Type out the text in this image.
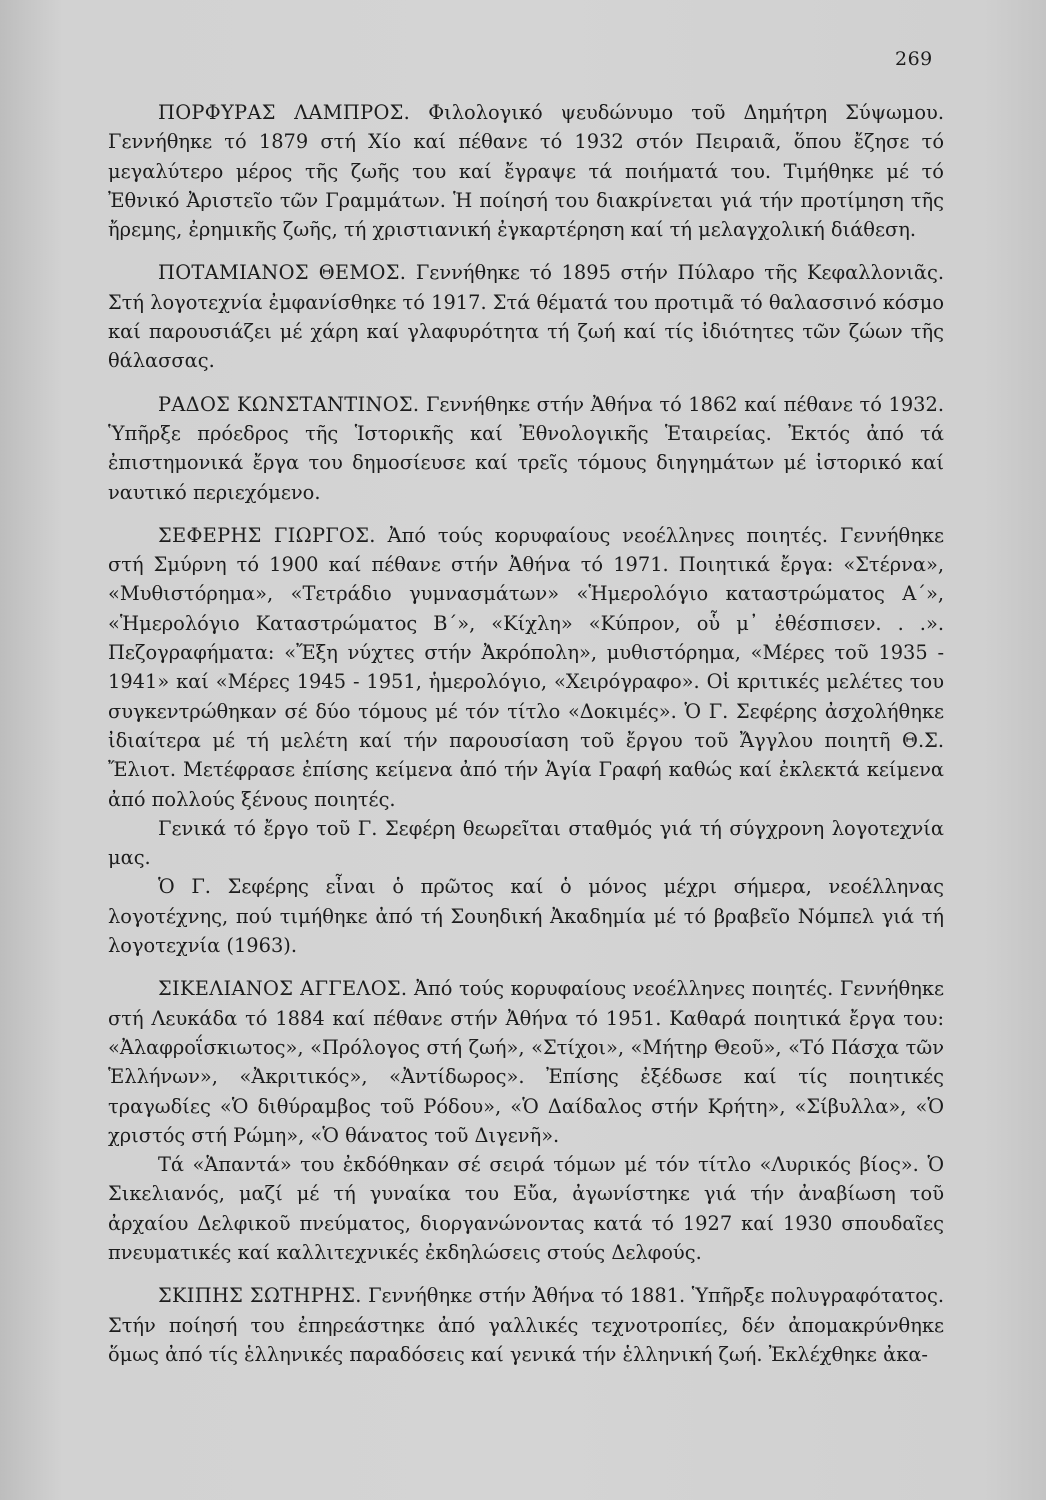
269

ΠΟΡΦΥΡΑΣ ΛΑΜΠΡΟΣ. Φιλολογικό ψευδώνυμο τοῦ Δημήτρη Σύψωμου. Γεννήθηκε τό 1879 στή Χίο καί πέθανε τό 1932 στόν Πειραιᾶ, ὅπου ἔζησε τό μεγαλύτερο μέρος τῆς ζωῆς του καί ἔγραψε τά ποιήματά του. Τιμήθηκε μέ τό Ἐθνικό Ἀριστεῖο τῶν Γραμμάτων. Ἡ ποίησή του διακρίνεται γιά τήν προτίμηση τῆς ἤρεμης, ἐρημικῆς ζωῆς, τή χριστιανική ἐγκαρτέρηση καί τή μελαγχολική διάθεση.

ΠΟΤΑΜΙΑΝΟΣ ΘΕΜΟΣ. Γεννήθηκε τό 1895 στήν Πύλαρο τῆς Κεφαλλονιᾶς. Στή λογοτεχνία ἐμφανίσθηκε τό 1917. Στά θέματά του προτιμᾶ τό θαλασσινό κόσμο καί παρουσιάζει μέ χάρη καί γλαφυρότητα τή ζωή καί τίς ἰδιότητες τῶν ζώων τῆς θάλασσας.

ΡΑΔΟΣ ΚΩΝΣΤΑΝΤΙΝΟΣ. Γεννήθηκε στήν Ἀθήνα τό 1862 καί πέθανε τό 1932. Ὑπῆρξε πρόεδρος τῆς Ἱστορικῆς καί Ἐθνολογικῆς Ἑταιρείας. Ἐκτός ἀπό τά ἐπιστημονικά ἔργα του δημοσίευσε καί τρεῖς τόμους διηγημάτων μέ ἱστορικό καί ναυτικό περιεχόμενο.

ΣΕΦΕΡΗΣ ΓΙΩΡΓΟΣ. Ἀπό τούς κορυφαίους νεοέλληνες ποιητές. Γεννήθηκε στή Σμύρνη τό 1900 καί πέθανε στήν Ἀθήνα τό 1971. Ποιητικά ἔργα: «Στέρνα», «Μυθιστόρημα», «Τετράδιο γυμνασμάτων» «Ἡμερολόγιο καταστρώματος Α΄», «Ἡμερολόγιο Καταστρώματος Β΄», «Κίχλη» «Κύπρον, οὗ μ᾽ ἐθέσπισεν. . .». Πεζογραφήματα: «Ἔξη νύχτες στήν Ἀκρόπολη», μυθιστόρημα, «Μέρες τοῦ 1935 - 1941» καί «Μέρες 1945 - 1951, ἡμερολόγιο, «Χειρόγραφο». Οἱ κριτικές μελέτες του συγκεντρώθηκαν σέ δύο τόμους μέ τόν τίτλο «Δοκιμές». Ὁ Γ. Σεφέρης ἀσχολήθηκε ἰδιαίτερα μέ τή μελέτη καί τήν παρουσίαση τοῦ ἔργου τοῦ Ἄγγλου ποιητῆ Θ.Σ. Ἔλιοτ. Μετέφρασε ἐπίσης κείμενα ἀπό τήν Ἁγία Γραφή καθώς καί ἐκλεκτά κείμενα ἀπό πολλούς ξένους ποιητές.

Γενικά τό ἔργο τοῦ Γ. Σεφέρη θεωρεῖται σταθμός γιά τή σύγχρονη λογοτεχνία μας.

Ὁ Γ. Σεφέρης εἶναι ὁ πρῶτος καί ὁ μόνος μέχρι σήμερα, νεοέλληνας λογοτέχνης, πού τιμήθηκε ἀπό τή Σουηδική Ἀκαδημία μέ τό βραβεῖο Νόμπελ γιά τή λογοτεχνία (1963).

ΣΙΚΕΛΙΑΝΟΣ ΑΓΓΕΛΟΣ. Ἀπό τούς κορυφαίους νεοέλληνες ποιητές. Γεννήθηκε στή Λευκάδα τό 1884 καί πέθανε στήν Ἀθήνα τό 1951. Καθαρά ποιητικά ἔργα του: «Ἀλαφροΐσκιωτος», «Πρόλογος στή ζωή», «Στίχοι», «Μήτηρ Θεοῦ», «Τό Πάσχα τῶν Ἑλλήνων», «Ἀκριτικός», «Ἀντίδωρος». Ἐπίσης ἐξέδωσε καί τίς ποιητικές τραγωδίες «Ὁ διθύραμβος τοῦ Ρόδου», «Ὁ Δαίδαλος στήν Κρήτη», «Σίβυλλα», «Ὁ χριστός στή Ρώμη», «Ὁ θάνατος τοῦ Διγενῆ».

Τά «Ἁπαντά» του ἐκδόθηκαν σέ σειρά τόμων μέ τόν τίτλο «Λυρικός βίος». Ὁ Σικελιανός, μαζί μέ τή γυναίκα του Εὔα, ἀγωνίστηκε γιά τήν ἀναβίωση τοῦ ἀρχαίου Δελφικοῦ πνεύματος, διοργανώνοντας κατά τό 1927 καί 1930 σπουδαῖες πνευματικές καί καλλιτεχνικές ἐκδηλώσεις στούς Δελφούς.

ΣΚΙΠΗΣ ΣΩΤΗΡΗΣ. Γεννήθηκε στήν Ἀθήνα τό 1881. Ὑπῆρξε πολυγραφότατος. Στήν ποίησή του ἐπηρεάστηκε ἀπό γαλλικές τεχνοτροπίες, δέν ἀπομακρύνθηκε ὅμως ἀπό τίς ἑλληνικές παραδόσεις καί γενικά τήν ἑλληνική ζωή. Ἐκλέχθηκε ἀκα-
